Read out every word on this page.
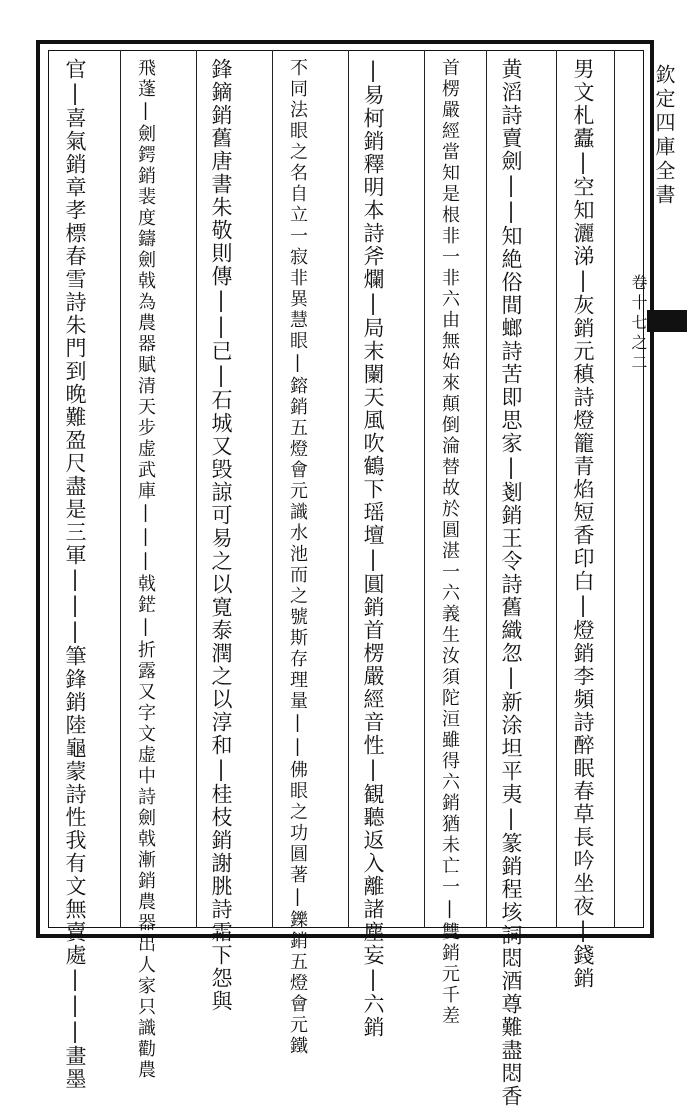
欽定四庫全書
卷十七之二
男文札蠹|空知灑涕|灰銷元稹詩燈籠青焰短香印白|燈銷李頻詩醉眠春草長吟坐夜|錢銷
黄滔詩賣劍||知絶俗間螂詩苦即思家|剗銷王令詩舊織忽|新涂坦平夷|篆銷程垓詞悶酒尊難盡悶香
首楞嚴經當知是根非一非六由無始來顛倒淪替故於圓湛一六義生汝須陀洹雖得六銷猶未亡一|雙銷元千差
|易柯銷釋明本詩斧爛|局末闌天風吹鶴下瑶壇|圓銷首楞嚴經音性|観聽返入離諸塵妄|六銷
不同法眼之名自立一寂非異慧眼|鎔銷五燈會元識水池而之號斯存理量||佛眼之功圓著|鑠銷五燈會元鐵
鋒鏑銷舊唐書朱敬則傳||已|石城又毁諒可易之以寛泰潤之以淳和|桂枝銷謝朓詩霜下怨與
飛蓬|劍鍔銷裴度鑄劍戟為農器賦清天步虚武庫|||戟鋩|折露又字文虚中詩劍戟漸銷農器出人家只識勸農
官|喜氣銷章孝標春雪詩朱門到晚難盈尺盡是三軍|||筆鋒銷陸龜蒙詩性我有文無賣處|||畫墨
